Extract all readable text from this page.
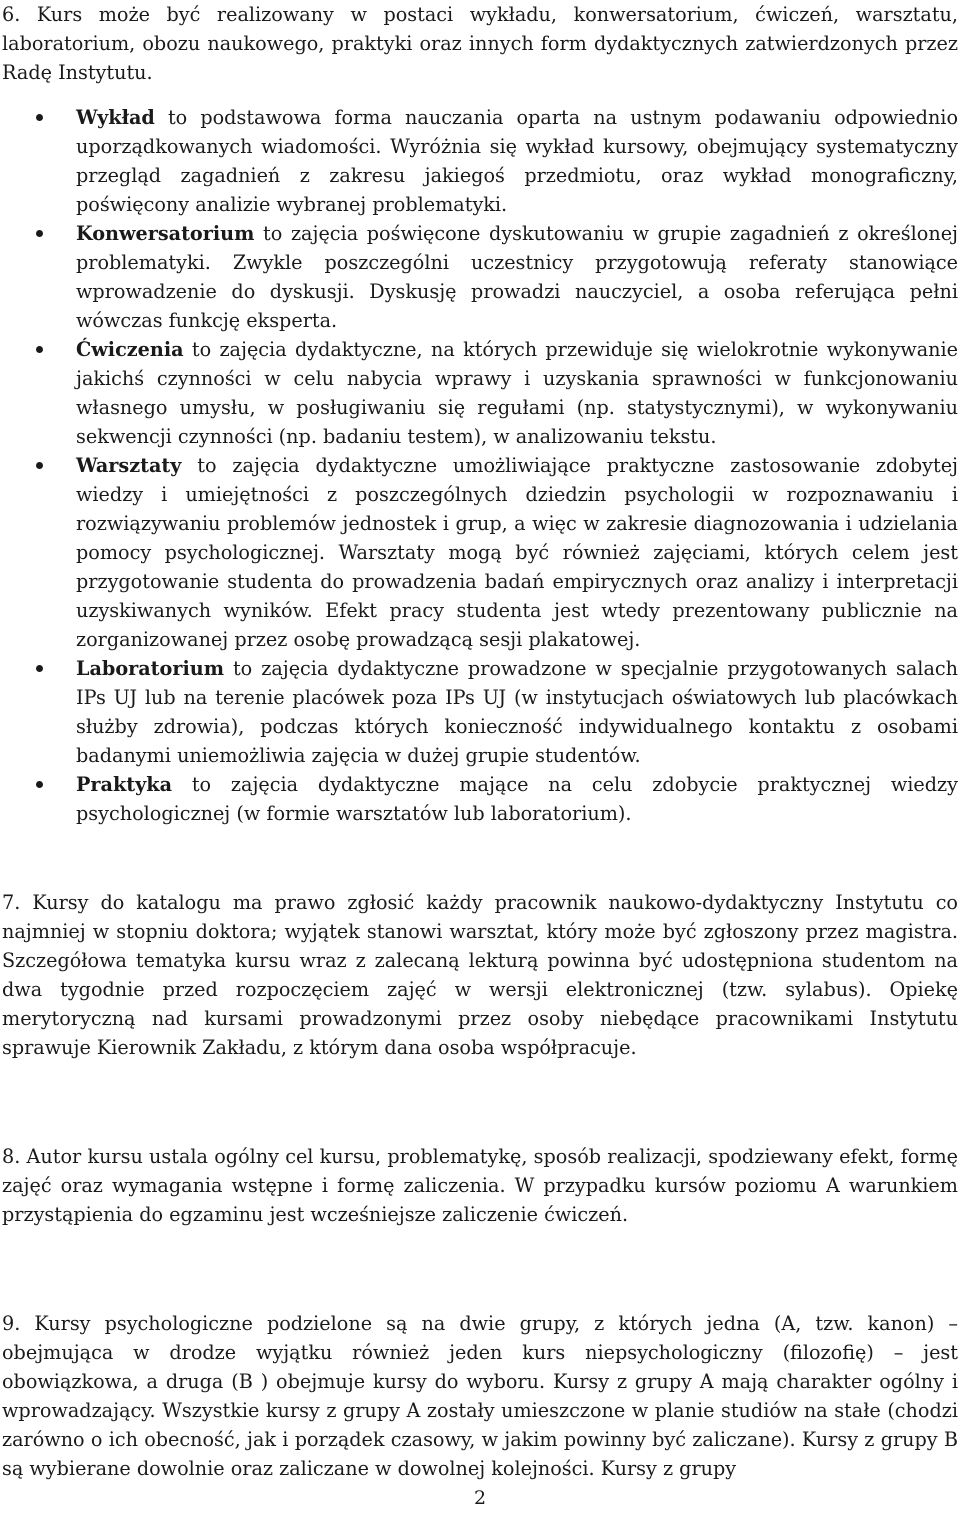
6. Kurs może być realizowany w postaci wykładu, konwersatorium, ćwiczeń, warsztatu, laboratorium, obozu naukowego, praktyki oraz innych form dydaktycznych zatwierdzonych przez Radę Instytutu.

Wykład to podstawowa forma nauczania oparta na ustnym podawaniu odpowiednio uporządkowanych wiadomości. Wyróżnia się wykład kursowy, obejmujący systematyczny przegląd zagadnień z zakresu jakiegoś przedmiotu, oraz wykład monograficzny, poświęcony analizie wybranej problematyki.
Konwersatorium to zajęcia poświęcone dyskutowaniu w grupie zagadnień z określonej problematyki. Zwykle poszczególni uczestnicy przygotowują referaty stanowiące wprowadzenie do dyskusji. Dyskusję prowadzi nauczyciel, a osoba referująca pełni wówczas funkcję eksperta.
Ćwiczenia to zajęcia dydaktyczne, na których przewiduje się wielokrotnie wykonywanie jakichś czynności w celu nabycia wprawy i uzyskania sprawności w funkcjonowaniu własnego umysłu, w posługiwaniu się regułami (np. statystycznymi), w wykonywaniu sekwencji czynności (np. badaniu testem), w analizowaniu tekstu.
Warsztaty to zajęcia dydaktyczne umożliwiające praktyczne zastosowanie zdobytej wiedzy i umiejętności z poszczególnych dziedzin psychologii w rozpoznawaniu i rozwiązywaniu problemów jednostek i grup, a więc w zakresie diagnozowania i udzielania pomocy psychologicznej. Warsztaty mogą być również zajęciami, których celem jest przygotowanie studenta do prowadzenia badań empirycznych oraz analizy i interpretacji uzyskiwanych wyników. Efekt pracy studenta jest wtedy prezentowany publicznie na zorganizowanej przez osobę prowadzącą sesji plakatowej.
Laboratorium to zajęcia dydaktyczne prowadzone w specjalnie przygotowanych salach IPs UJ lub na terenie placówek poza IPs UJ (w instytucjach oświatowych lub placówkach służby zdrowia), podczas których konieczność indywidualnego kontaktu z osobami badanymi uniemożliwia zajęcia w dużej grupie studentów.
Praktyka to zajęcia dydaktyczne mające na celu zdobycie praktycznej wiedzy psychologicznej (w formie warsztatów lub laboratorium).

7. Kursy do katalogu ma prawo zgłosić każdy pracownik naukowo-dydaktyczny Instytutu co najmniej w stopniu doktora; wyjątek stanowi warsztat, który może być zgłoszony przez magistra. Szczegółowa tematyka kursu wraz z zalecaną lekturą powinna być udostępniona studentom na dwa tygodnie przed rozpoczęciem zajęć w wersji elektronicznej (tzw. sylabus). Opiekę merytoryczną nad kursami prowadzonymi przez osoby niebędące pracownikami Instytutu sprawuje Kierownik Zakładu, z którym dana osoba współpracuje.

8. Autor kursu ustala ogólny cel kursu, problematykę, sposób realizacji, spodziewany efekt, formę zajęć oraz wymagania wstępne i formę zaliczenia. W przypadku kursów poziomu A warunkiem przystąpienia do egzaminu jest wcześniejsze zaliczenie ćwiczeń.

9. Kursy psychologiczne podzielone są na dwie grupy, z których jedna (A, tzw. kanon) – obejmująca w drodze wyjątku również jeden kurs niepsychologiczny (filozofię) – jest obowiązkowa, a druga (B ) obejmuje kursy do wyboru. Kursy z grupy A mają charakter ogólny i wprowadzający. Wszystkie kursy z grupy A zostały umieszczone w planie studiów na stałe (chodzi zarówno o ich obecność, jak i porządek czasowy, w jakim powinny być zaliczane). Kursy z grupy B są wybierane dowolnie oraz zaliczane w dowolnej kolejności. Kursy z grupy

2
